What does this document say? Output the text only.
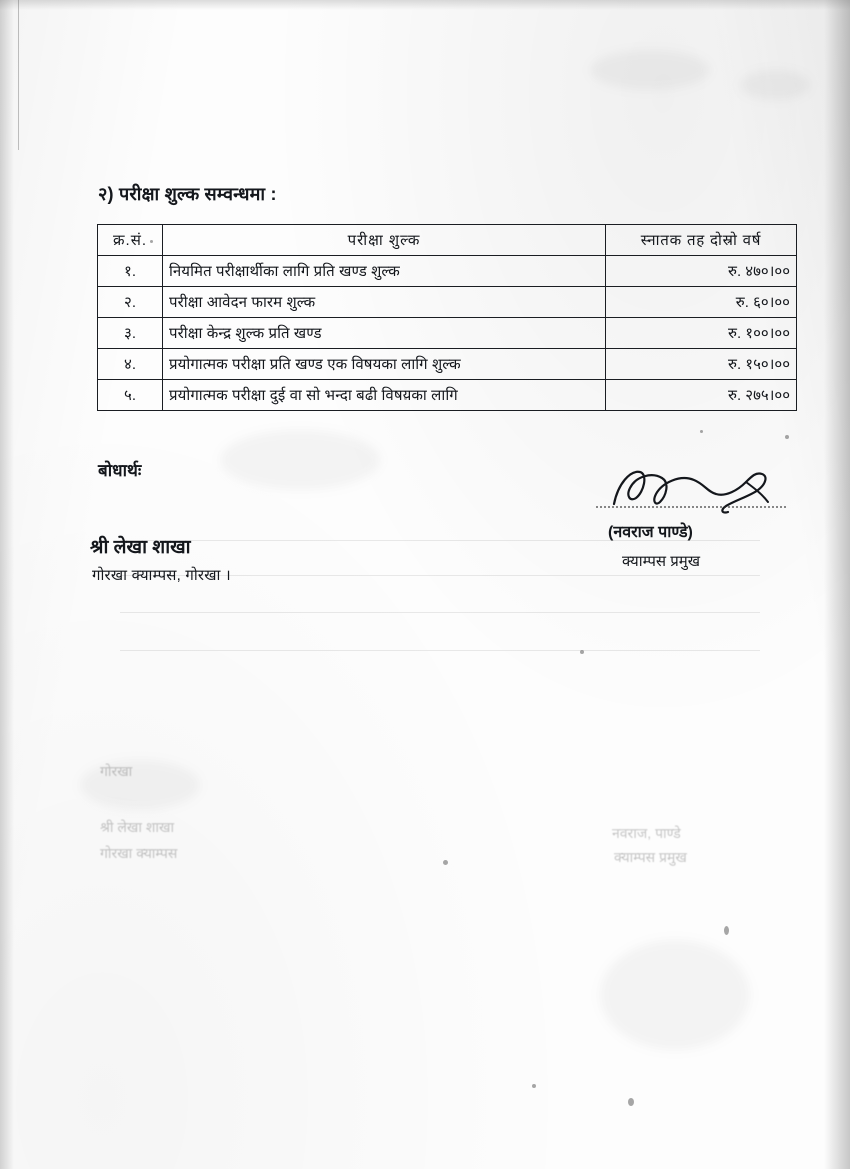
२) परीक्षा शुल्क सम्वन्धमा :
क्र.सं.	परीक्षा शुल्क	स्नातक तह दोस्रो वर्ष
१.	नियमित परीक्षार्थीका लागि प्रति खण्ड शुल्क	रु. ४७०।००
२.	परीक्षा आवेदन फारम शुल्क	रु. ६०।००
३.	परीक्षा केन्द्र शुल्क प्रति खण्ड	रु. १००।००
४.	प्रयोगात्मक परीक्षा प्रति खण्ड एक विषयका लागि शुल्क	रु. १५०।००
५.	प्रयोगात्मक परीक्षा दुई वा सो भन्दा बढी विषयका लागि	रु. २७५।००
बोधार्थः
श्री लेखा शाखा
गोरखा क्याम्पस, गोरखा ।
(नवराज पाण्डे)
क्याम्पस प्रमुख
गोरखा
श्री लेखा शाखा
गोरखा क्याम्पस
नवराज, पाण्डे
क्याम्पस प्रमुख
